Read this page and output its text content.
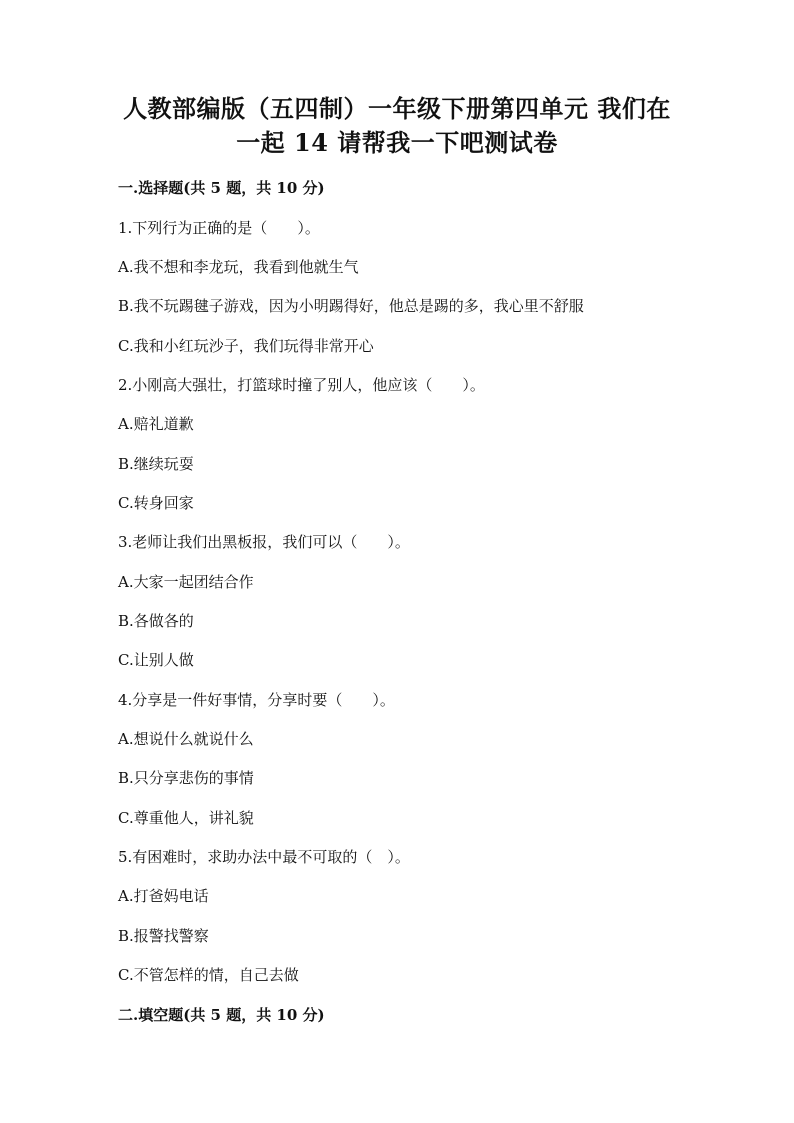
人教部编版（五四制）一年级下册第四单元 我们在
一起 14 请帮我一下吧测试卷
一.选择题(共 5 题，共 10 分)
1.下列行为正确的是（　　）。
A.我不想和李龙玩，我看到他就生气
B.我不玩踢毽子游戏，因为小明踢得好，他总是踢的多，我心里不舒服
C.我和小红玩沙子，我们玩得非常开心
2.小刚高大强壮，打篮球时撞了别人，他应该（　　）。
A.赔礼道歉
B.继续玩耍
C.转身回家
3.老师让我们出黑板报，我们可以（　　）。
A.大家一起团结合作
B.各做各的
C.让别人做
4.分享是一件好事情，分享时要（　　）。
A.想说什么就说什么
B.只分享悲伤的事情
C.尊重他人，讲礼貌
5.有困难时，求助办法中最不可取的（　）。
A.打爸妈电话
B.报警找警察
C.不管怎样的情，自己去做
二.填空题(共 5 题，共 10 分)
